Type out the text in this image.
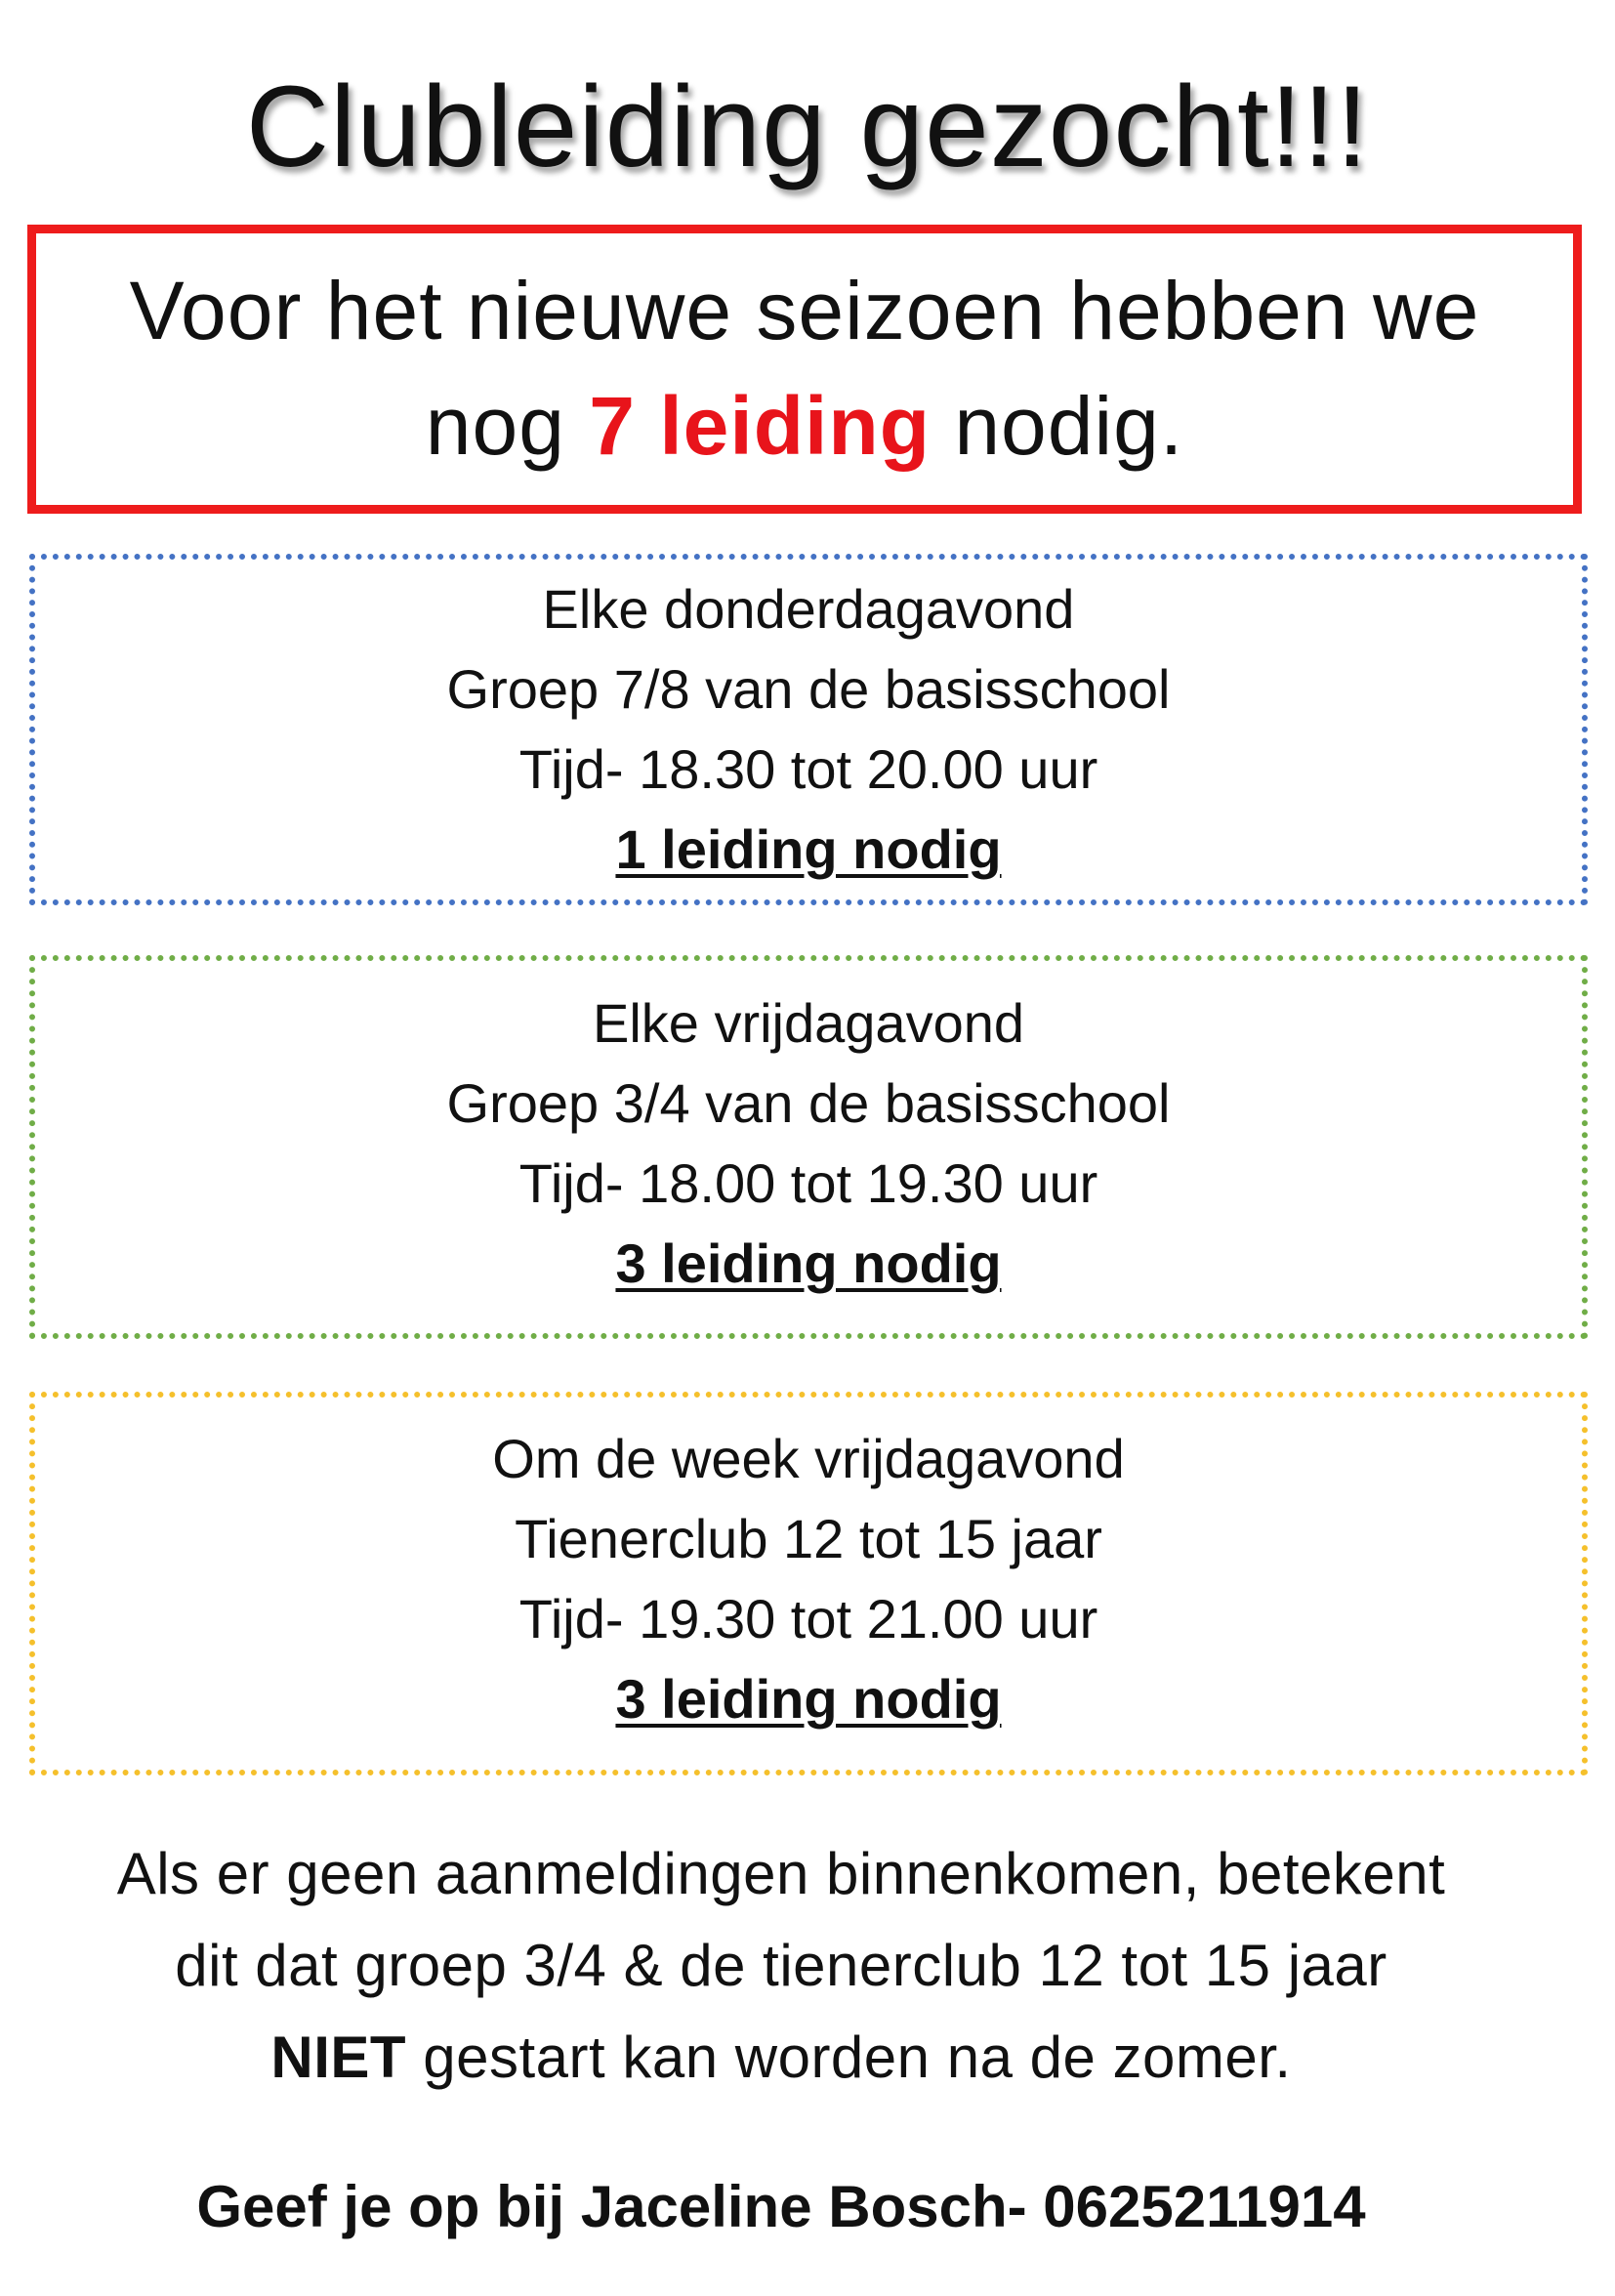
Clubleiding gezocht!!!
Voor het nieuwe seizoen hebben we
nog 7 leiding nodig.
Elke donderdagavond
Groep 7/8 van de basisschool
Tijd- 18.30 tot 20.00 uur
1 leiding nodig
Elke vrijdagavond
Groep 3/4 van de basisschool
Tijd- 18.00 tot 19.30 uur
3 leiding nodig
Om de week vrijdagavond
Tienerclub 12 tot 15 jaar
Tijd- 19.30 tot 21.00 uur
3 leiding nodig
Als er geen aanmeldingen binnenkomen, betekent
dit dat groep 3/4 & de tienerclub 12 tot 15 jaar
NIET gestart kan worden na de zomer.
Geef je op bij Jaceline Bosch- 0625211914
